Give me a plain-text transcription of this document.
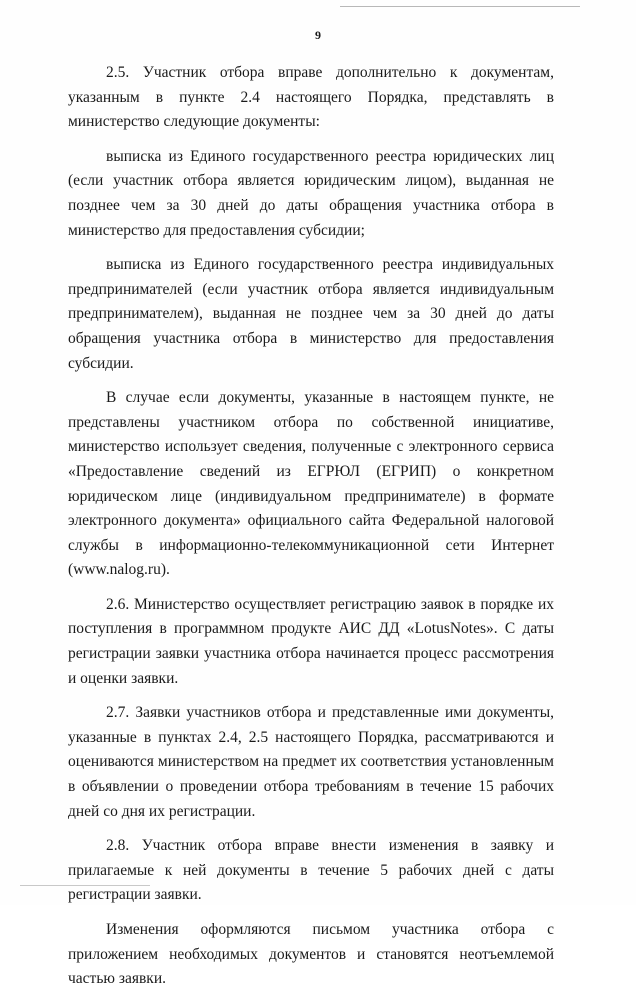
9

2.5. Участник отбора вправе дополнительно к документам, указанным в пункте 2.4 настоящего Порядка, представлять в министерство следующие документы:

выписка из Единого государственного реестра юридических лиц (если участник отбора является юридическим лицом), выданная не позднее чем за 30 дней до даты обращения участника отбора в министерство для предоставления субсидии;

выписка из Единого государственного реестра индивидуальных предпринимателей (если участник отбора является индивидуальным предпринимателем), выданная не позднее чем за 30 дней до даты обращения участника отбора в министерство для предоставления субсидии.

В случае если документы, указанные в настоящем пункте, не представлены участником отбора по собственной инициативе, министерство использует сведения, полученные с электронного сервиса «Предоставление сведений из ЕГРЮЛ (ЕГРИП) о конкретном юридическом лице (индивидуальном предпринимателе) в формате электронного документа» официального сайта Федеральной налоговой службы в информационно-телекоммуникационной сети Интернет (www.nalog.ru).

2.6. Министерство осуществляет регистрацию заявок в порядке их поступления в программном продукте АИС ДД «LotusNotes». С даты регистрации заявки участника отбора начинается процесс рассмотрения и оценки заявки.

2.7. Заявки участников отбора и представленные ими документы, указанные в пунктах 2.4, 2.5 настоящего Порядка, рассматриваются и оцениваются министерством на предмет их соответствия установленным в объявлении о проведении отбора требованиям в течение 15 рабочих дней со дня их регистрации.

2.8. Участник отбора вправе внести изменения в заявку и прилагаемые к ней документы в течение 5 рабочих дней с даты регистрации заявки.

Изменения оформляются письмом участника отбора с приложением необходимых документов и становятся неотъемлемой частью заявки.
